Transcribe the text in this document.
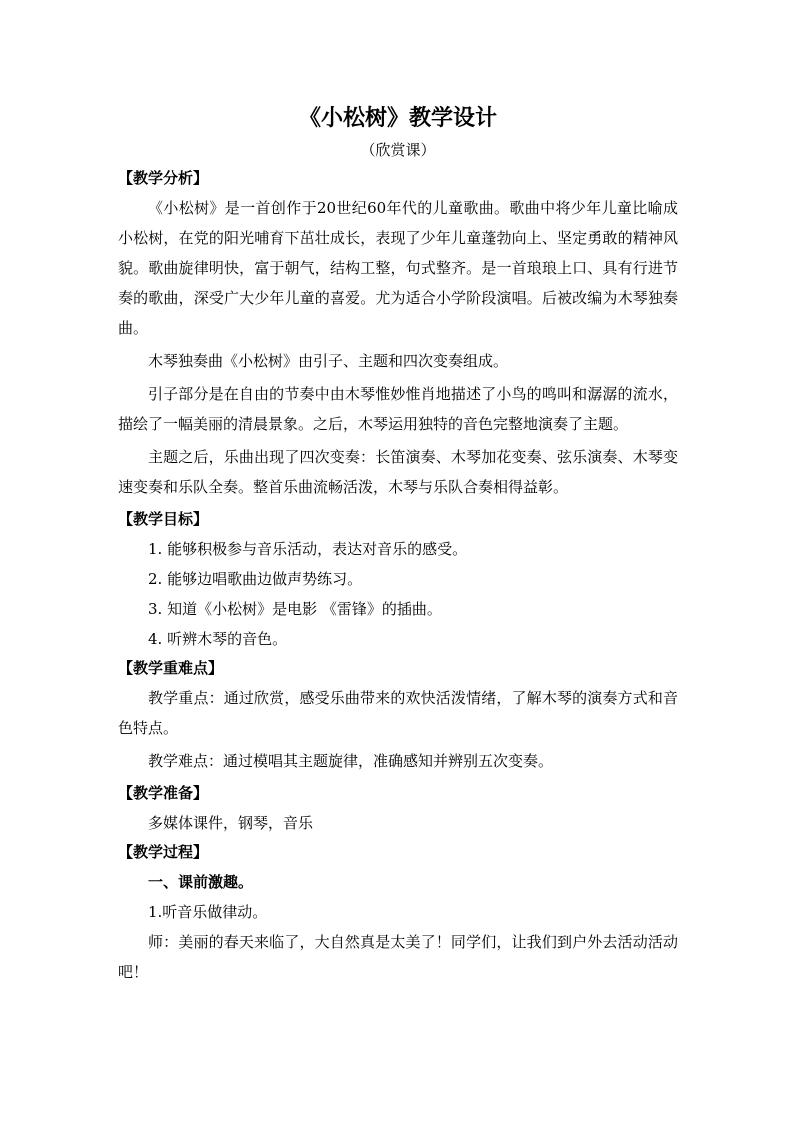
《小松树》教学设计

（欣赏课）

【教学分析】

《小松树》是一首创作于20世纪60年代的儿童歌曲。歌曲中将少年儿童比喻成小松树，在党的阳光哺育下茁壮成长，表现了少年儿童蓬勃向上、坚定勇敢的精神风貌。歌曲旋律明快，富于朝气，结构工整，句式整齐。是一首琅琅上口、具有行进节奏的歌曲，深受广大少年儿童的喜爱。尤为适合小学阶段演唱。后被改编为木琴独奏曲。

木琴独奏曲《小松树》由引子、主题和四次变奏组成。

引子部分是在自由的节奏中由木琴惟妙惟肖地描述了小鸟的鸣叫和潺潺的流水，描绘了一幅美丽的清晨景象。之后，木琴运用独特的音色完整地演奏了主题。

主题之后，乐曲出现了四次变奏：长笛演奏、木琴加花变奏、弦乐演奏、木琴变速变奏和乐队全奏。整首乐曲流畅活泼，木琴与乐队合奏相得益彰。

【教学目标】

1. 能够积极参与音乐活动，表达对音乐的感受。

2. 能够边唱歌曲边做声势练习。

3. 知道《小松树》是电影 《雷锋》的插曲。

4. 听辨木琴的音色。

【教学重难点】

教学重点：通过欣赏，感受乐曲带来的欢快活泼情绪，了解木琴的演奏方式和音色特点。

教学难点：通过模唱其主题旋律，准确感知并辨别五次变奏。

【教学准备】

多媒体课件，钢琴，音乐

【教学过程】

一、课前激趣。

1.听音乐做律动。

师：美丽的春天来临了，大自然真是太美了！同学们，让我们到户外去活动活动吧！
